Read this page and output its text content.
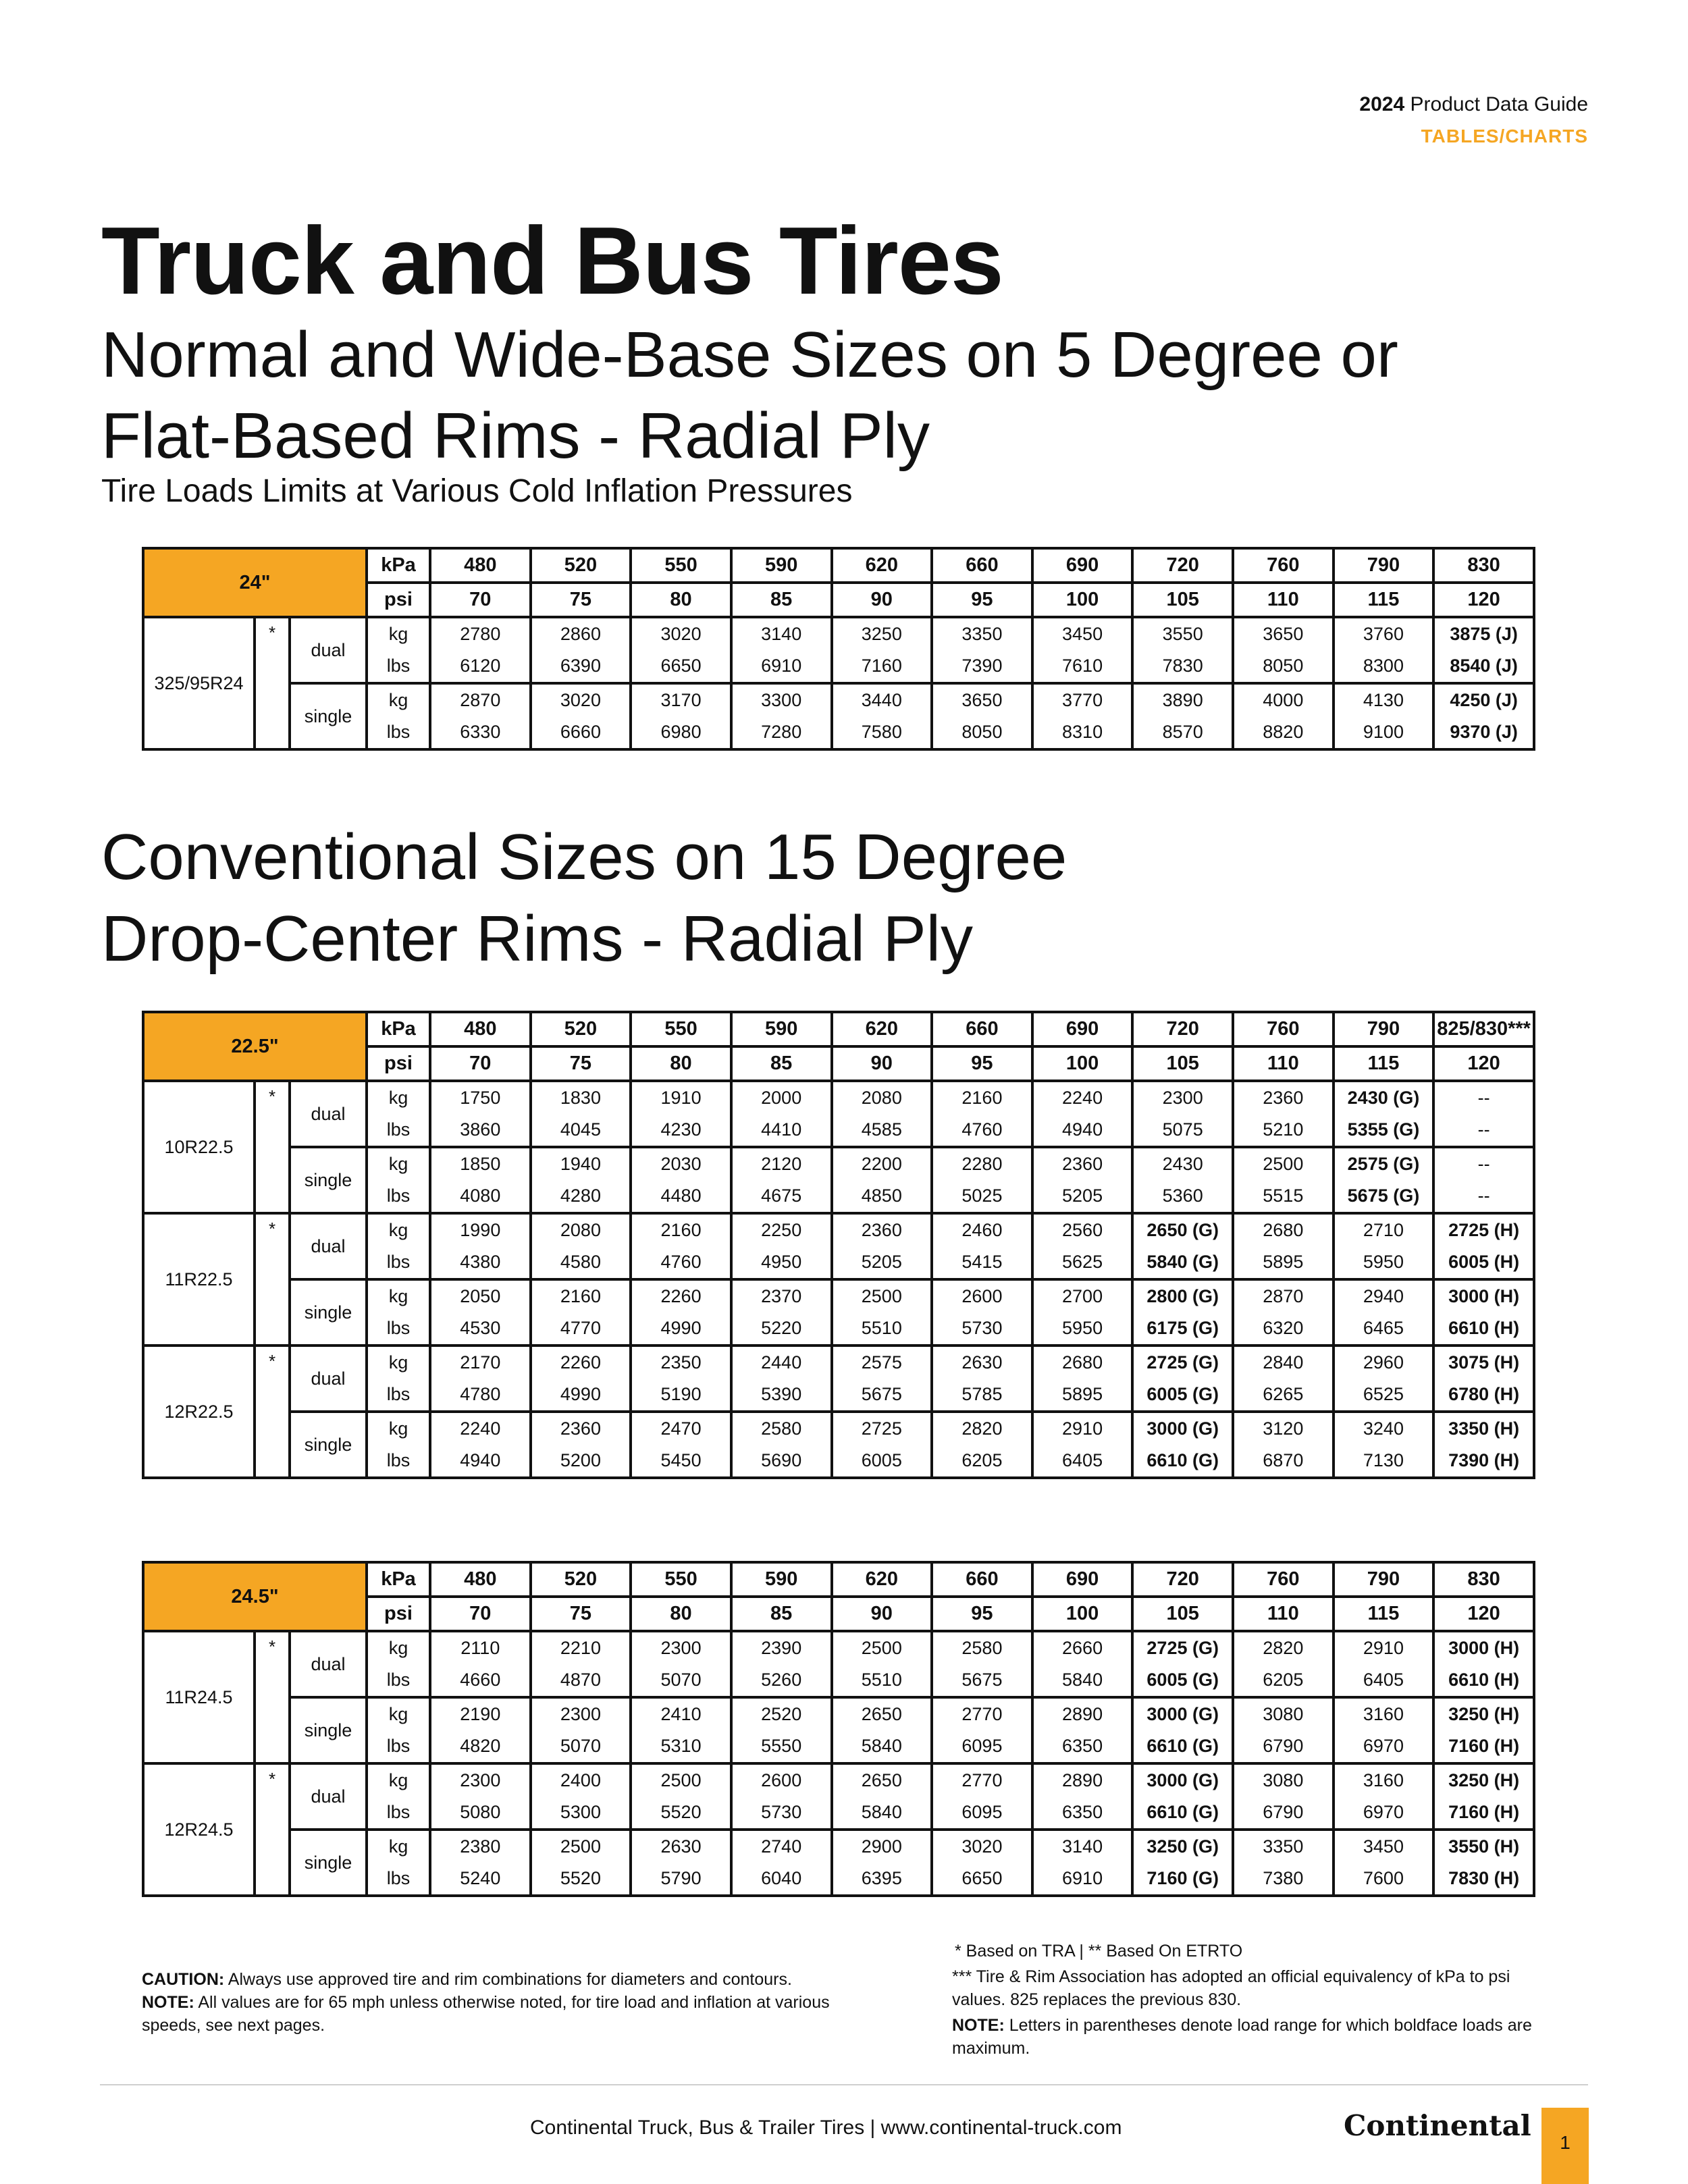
2024 Product Data Guide
TABLES/CHARTS
Truck and Bus Tires
Normal and Wide-Base Sizes on 5 Degree or
Flat-Based Rims - Radial Ply
Tire Loads Limits at Various Cold Inflation Pressures
Conventional Sizes on 15 Degree
Drop-Center Rims - Radial Ply
24"			kPa	480	520	550	590	620	660	690	720	760	790	830
			psi	70	75	80	85	90	95	100	105	110	115	120
325/95R24	*	dual	kg	2780	2860	3020	3140	3250	3350	3450	3550	3650	3760	3875 (J)
			lbs	6120	6390	6650	6910	7160	7390	7610	7830	8050	8300	8540 (J)
		single	kg	2870	3020	3170	3300	3440	3650	3770	3890	4000	4130	4250 (J)
			lbs	6330	6660	6980	7280	7580	8050	8310	8570	8820	9100	9370 (J)
22.5"			kPa	480	520	550	590	620	660	690	720	760	790	825/830***
			psi	70	75	80	85	90	95	100	105	110	115	120
10R22.5	*	dual	kg	1750	1830	1910	2000	2080	2160	2240	2300	2360	2430 (G)	--
			lbs	3860	4045	4230	4410	4585	4760	4940	5075	5210	5355 (G)	--
		single	kg	1850	1940	2030	2120	2200	2280	2360	2430	2500	2575 (G)	--
			lbs	4080	4280	4480	4675	4850	5025	5205	5360	5515	5675 (G)	--
11R22.5	*	dual	kg	1990	2080	2160	2250	2360	2460	2560	2650 (G)	2680	2710	2725 (H)
			lbs	4380	4580	4760	4950	5205	5415	5625	5840 (G)	5895	5950	6005 (H)
		single	kg	2050	2160	2260	2370	2500	2600	2700	2800 (G)	2870	2940	3000 (H)
			lbs	4530	4770	4990	5220	5510	5730	5950	6175 (G)	6320	6465	6610 (H)
12R22.5	*	dual	kg	2170	2260	2350	2440	2575	2630	2680	2725 (G)	2840	2960	3075 (H)
			lbs	4780	4990	5190	5390	5675	5785	5895	6005 (G)	6265	6525	6780 (H)
		single	kg	2240	2360	2470	2580	2725	2820	2910	3000 (G)	3120	3240	3350 (H)
			lbs	4940	5200	5450	5690	6005	6205	6405	6610 (G)	6870	7130	7390 (H)
24.5"			kPa	480	520	550	590	620	660	690	720	760	790	830
			psi	70	75	80	85	90	95	100	105	110	115	120
11R24.5	*	dual	kg	2110	2210	2300	2390	2500	2580	2660	2725 (G)	2820	2910	3000 (H)
			lbs	4660	4870	5070	5260	5510	5675	5840	6005 (G)	6205	6405	6610 (H)
		single	kg	2190	2300	2410	2520	2650	2770	2890	3000 (G)	3080	3160	3250 (H)
			lbs	4820	5070	5310	5550	5840	6095	6350	6610 (G)	6790	6970	7160 (H)
12R24.5	*	dual	kg	2300	2400	2500	2600	2650	2770	2890	3000 (G)	3080	3160	3250 (H)
			lbs	5080	5300	5520	5730	5840	6095	6350	6610 (G)	6790	6970	7160 (H)
		single	kg	2380	2500	2630	2740	2900	3020	3140	3250 (G)	3350	3450	3550 (H)
			lbs	5240	5520	5790	6040	6395	6650	6910	7160 (G)	7380	7600	7830 (H)
CAUTION: Always use approved tire and rim combinations for diameters and contours.
NOTE: All values are for 65 mph unless otherwise noted, for tire load and inflation at various speeds, see next pages.
* Based on TRA | ** Based On ETRTO
*** Tire & Rim Association has adopted an official equivalency of kPa to psi values. 825 replaces the previous 830.
NOTE: Letters in parentheses denote load range for which boldface loads are maximum.
Continental Truck, Bus & Trailer Tires | www.continental-truck.com	Continental
1
